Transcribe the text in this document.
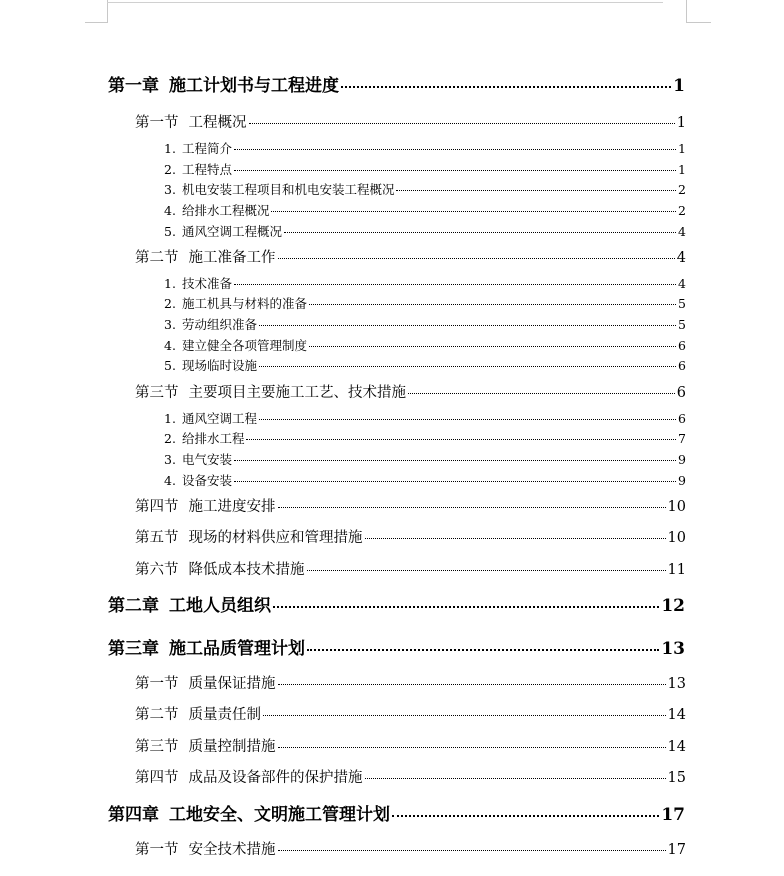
第一章 施工计划书与工程进度	1
第一节 工程概况	1
1. 工程简介	1
2. 工程特点	1
3. 机电安装工程项目和机电安装工程概况	2
4. 给排水工程概况	2
5. 通风空调工程概况	4
第二节 施工准备工作	4
1. 技术准备	4
2. 施工机具与材料的准备	5
3. 劳动组织准备	5
4. 建立健全各项管理制度	6
5. 现场临时设施	6
第三节 主要项目主要施工工艺、技术措施	6
1. 通风空调工程	6
2. 给排水工程	7
3. 电气安装	9
4. 设备安装	9
第四节 施工进度安排	10
第五节 现场的材料供应和管理措施	10
第六节 降低成本技术措施	11
第二章 工地人员组织	12
第三章 施工品质管理计划	13
第一节 质量保证措施	13
第二节 质量责任制	14
第三节 质量控制措施	14
第四节 成品及设备部件的保护措施	15
第四章 工地安全、文明施工管理计划	17
第一节 安全技术措施	17
